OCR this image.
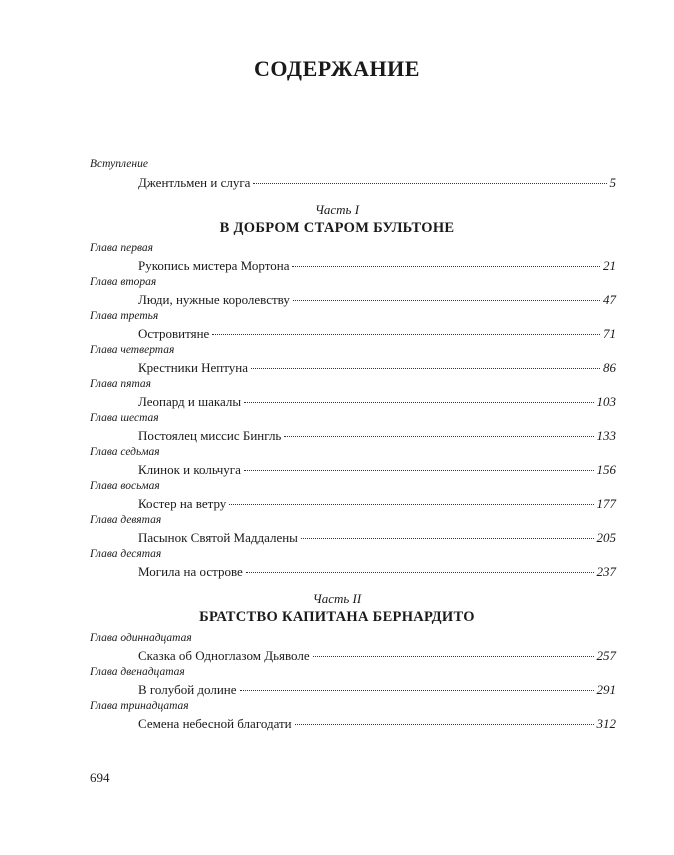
СОДЕРЖАНИЕ
Вступление
Джентльмен и слуга	5
Часть I
В ДОБРОМ СТАРОМ БУЛЬТОНЕ
Глава первая
Рукопись мистера Мортона	21
Глава вторая
Люди, нужные королевству	47
Глава третья
Островитяне	71
Глава четвертая
Крестники Нептуна	86
Глава пятая
Леопард и шакалы	103
Глава шестая
Постоялец миссис Бингль	133
Глава седьмая
Клинок и кольчуга	156
Глава восьмая
Костер на ветру	177
Глава девятая
Пасынок Святой Маддалены	205
Глава десятая
Могила на острове	237
Часть II
БРАТСТВО КАПИТАНА БЕРНАРДИТО
Глава одиннадцатая
Сказка об Одноглазом Дьяволе	257
Глава двенадцатая
В голубой долине	291
Глава тринадцатая
Семена небесной благодати	312
694
